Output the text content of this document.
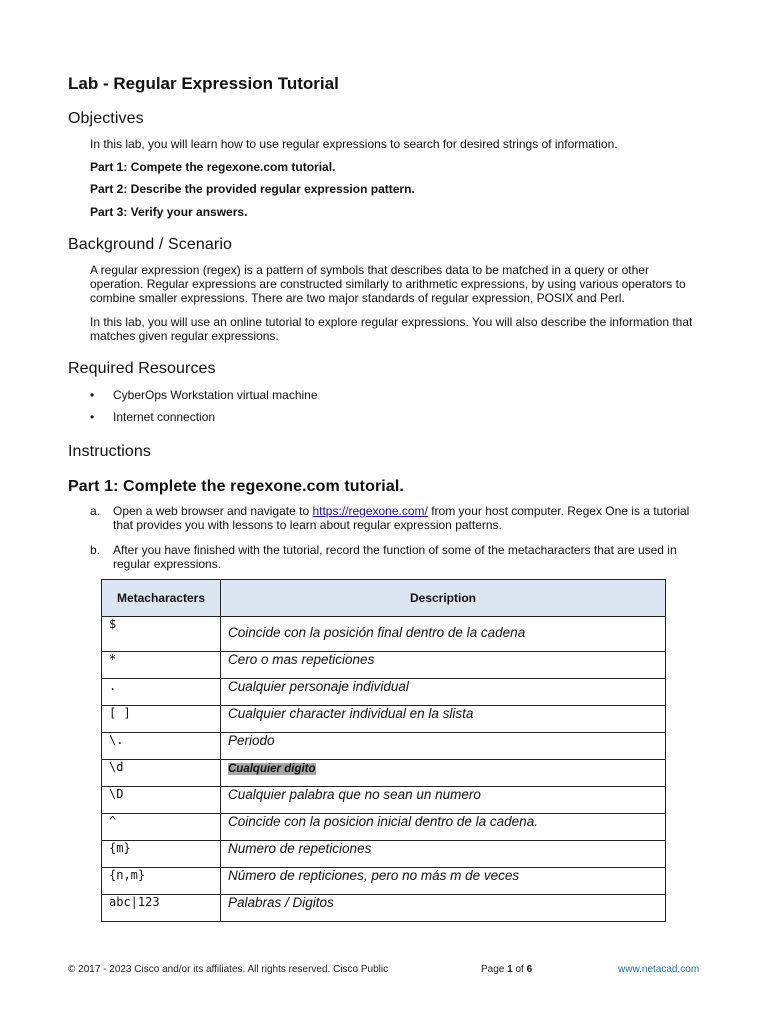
Lab - Regular Expression Tutorial
Objectives

In this lab, you will learn how to use regular expressions to search for desired strings of information.

Part 1: Compete the regexone.com tutorial.

Part 2: Describe the provided regular expression pattern.

Part 3: Verify your answers.

Background / Scenario

A regular expression (regex) is a pattern of symbols that describes data to be matched in a query or other operation. Regular expressions are constructed similarly to arithmetic expressions, by using various operators to combine smaller expressions. There are two major standards of regular expression, POSIX and Perl.

In this lab, you will use an online tutorial to explore regular expressions. You will also describe the information that matches given regular expressions.

Required Resources
• CyberOps Workstation virtual machine
• Internet connection
Instructions
Part 1: Complete the regexone.com tutorial.
a. Open a web browser and navigate to https://regexone.com/ from your host computer. Regex One is a tutorial that provides you with lessons to learn about regular expression patterns.
b. After you have finished with the tutorial, record the function of some of the metacharacters that are used in regular expressions.
Metacharacters	Description
$	Coincide con la posición final dentro de la cadena
*	Cero o mas repeticiones
.	Cualquier personaje individual
[ ]	Cualquier character individual en la slista
\.	Periodo
\d	Cualquier digito
\D	Cualquier palabra que no sean un numero
^	Coincide con la posicion inicial dentro de la cadena.
{m}	Numero de repeticiones
{n,m}	Número de repticiones, pero no más m de veces
abc|123	Palabras / Digitos
© 2017 - 2023 Cisco and/or its affiliates. All rights reserved. Cisco Public	Page 1 of 6	www.netacad.com
